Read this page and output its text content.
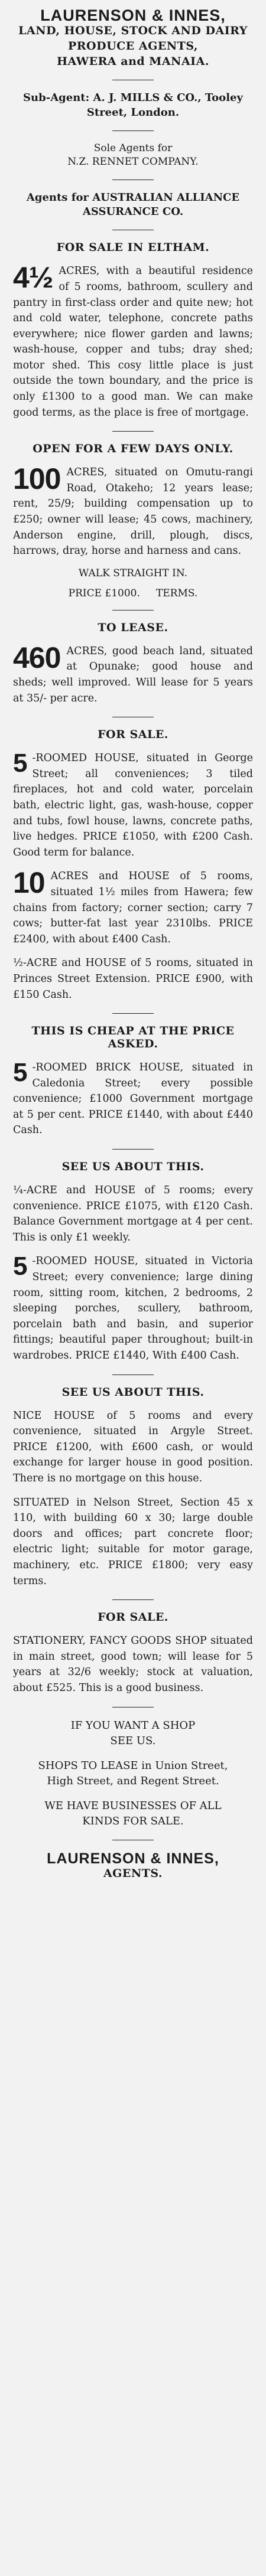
LAURENSON & INNES,
LAND, HOUSE, STOCK AND DAIRY
PRODUCE AGENTS,
HAWERA and MANAIA.
Sub-Agent: A. J. MILLS & CO., Tooley Street, London.
Sole Agents for
N.Z. RENNET COMPANY.
Agents for AUSTRALIAN ALLIANCE
ASSURANCE CO.
FOR SALE IN ELTHAM.
4½ ACRES, with a beautiful residence of 5 rooms, bathroom, scullery and pantry in first-class order and quite new; hot and cold water, telephone, concrete paths everywhere; nice flower garden and lawns; wash-house, copper and tubs; dray shed; motor shed. This cosy little place is just outside the town boundary, and the price is only £1300 to a good man. We can make good terms, as the place is free of mortgage.
OPEN FOR A FEW DAYS ONLY.
100 ACRES, situated on Omutu-rangi Road, Otakeho; 12 years lease; rent, 25/9; building compensation up to £250; owner will lease; 45 cows, machinery, Anderson engine, drill, plough, discs, harrows, dray, horse and harness and cans.
WALK STRAIGHT IN.
PRICE £1000. TERMS.
TO LEASE.
460 ACRES, good beach land, situated at Opunake; good house and sheds; well improved. Will lease for 5 years at 35/- per acre.
FOR SALE.
5 -ROOMED HOUSE, situated in George Street; all conveniences; 3 tiled fireplaces, hot and cold water, porcelain bath, electric light, gas, wash-house, copper and tubs, fowl house, lawns, concrete paths, live hedges. PRICE £1050, with £200 Cash. Good term for balance.
10 ACRES and HOUSE of 5 rooms, situated 1½ miles from Hawera; few chains from factory; corner section; carry 7 cows; butter-fat last year 2310lbs. PRICE £2400, with about £400 Cash.
½-ACRE and HOUSE of 5 rooms, situated in Princes Street Extension. PRICE £900, with £150 Cash.
THIS IS CHEAP AT THE PRICE
ASKED.
5 -ROOMED BRICK HOUSE, situated in Caledonia Street; every possible convenience; £1000 Government mortgage at 5 per cent. PRICE £1440, with about £440 Cash.
SEE US ABOUT THIS.
¼-ACRE and HOUSE of 5 rooms; every convenience. PRICE £1075, with £120 Cash. Balance Government mortgage at 4 per cent. This is only £1 weekly.
5 -ROOMED HOUSE, situated in Victoria Street; every convenience; large dining room, sitting room, kitchen, 2 bedrooms, 2 sleeping porches, scullery, bathroom, porcelain bath and basin, and superior fittings; beautiful paper throughout; built-in wardrobes. PRICE £1440, With £400 Cash.
SEE US ABOUT THIS.
NICE HOUSE of 5 rooms and every convenience, situated in Argyle Street. PRICE £1200, with £600 cash, or would exchange for larger house in good position. There is no mortgage on this house.
SITUATED in Nelson Street, Section 45 x 110, with building 60 x 30; large double doors and offices; part concrete floor; electric light; suitable for motor garage, machinery, etc. PRICE £1800; very easy terms.
FOR SALE.
STATIONERY, FANCY GOODS SHOP situated in main street, good town; will lease for 5 years at 32/6 weekly; stock at valuation, about £525. This is a good business.
IF YOU WANT A SHOP
SEE US.
SHOPS TO LEASE in Union Street,
High Street, and Regent Street.
WE HAVE BUSINESSES OF ALL
KINDS FOR SALE.
LAURENSON & INNES,
AGENTS.
